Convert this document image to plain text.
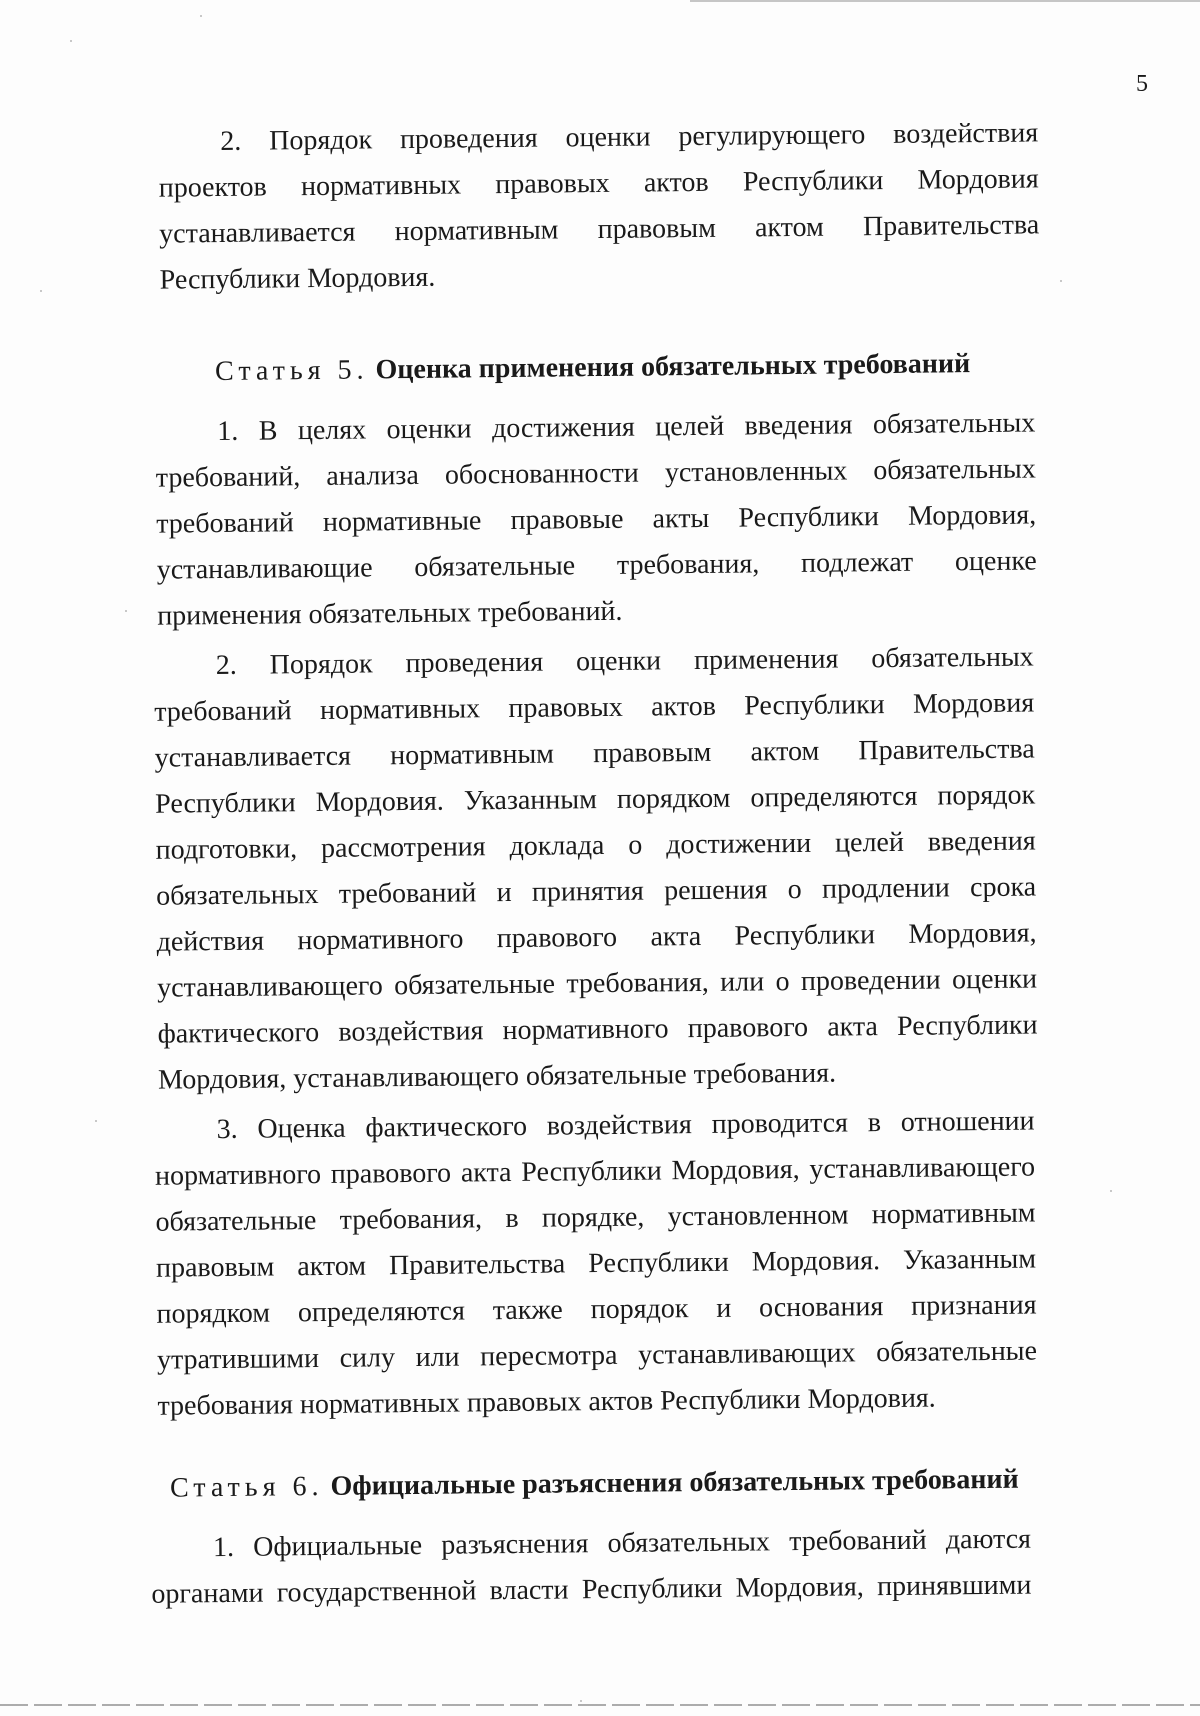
5

2. Порядок проведения оценки регулирующего воздействия проектов нормативных правовых актов Республики Мордовия устанавливается нормативным правовым актом Правительства Республики Мордовия.

Статья 5. Оценка применения обязательных требований

1. В целях оценки достижения целей введения обязательных требований, анализа обоснованности установленных обязательных требований нормативные правовые акты Республики Мордовия, устанавливающие обязательные требования, подлежат оценке применения обязательных требований.

2. Порядок проведения оценки применения обязательных требований нормативных правовых актов Республики Мордовия устанавливается нормативным правовым актом Правительства Республики Мордовия. Указанным порядком определяются порядок подготовки, рассмотрения доклада о достижении целей введения обязательных требований и принятия решения о продлении срока действия нормативного правового акта Республики Мордовия, устанавливающего обязательные требования, или о проведении оценки фактического воздействия нормативного правового акта Республики Мордовия, устанавливающего обязательные требования.

3. Оценка фактического воздействия проводится в отношении нормативного правового акта Республики Мордовия, устанавливающего обязательные требования, в порядке, установленном нормативным правовым актом Правительства Республики Мордовия. Указанным порядком определяются также порядок и основания признания утратившими силу или пересмотра устанавливающих обязательные требования нормативных правовых актов Республики Мордовия.

Статья 6. Официальные разъяснения обязательных требований

1. Официальные разъяснения обязательных требований даются органами государственной власти Республики Мордовия, принявшими
